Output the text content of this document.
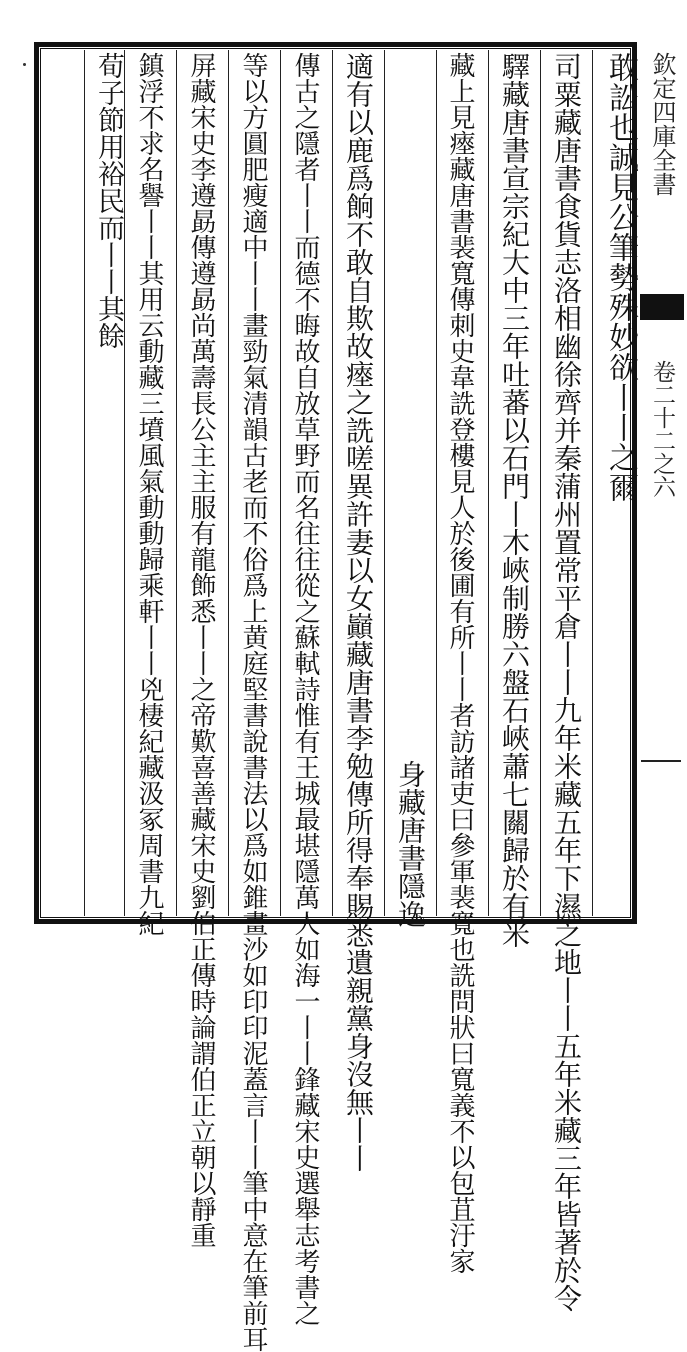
欽定四庫全書
卷二十二之六
敢訟也誠見公筆勢殊妙欲丨丨之爾
司粟藏唐書食貨志洛相幽徐齊并秦蒲州置常平倉丨丨九年米藏五年下濕之地丨丨五年米藏三年皆著於令
驛藏唐書宣宗紀大中三年吐蕃以石門丨木峽制勝六盤石峽蕭七關歸於有米
藏上見瘞藏唐書裴寬傳刺史韋詵登樓見人於後圃有所丨丨者訪諸吏曰參軍裴寬也詵問狀曰寬義不以包苴汙家
身藏唐書隱逸
適有以鹿爲餉不敢自欺故瘞之詵嗟異許妻以女巓藏唐書李勉傳所得奉賜悉遺親黨身沒無丨丨
傳古之隱者丨丨而德不晦故自放草野而名往往從之蘇軾詩惟有王城最堪隱萬人如海一丨丨鋒藏宋史選舉志考書之
等以方圓肥瘦適中丨丨畫勁氣清韻古老而不俗爲上黄庭堅書說書法以爲如錐畫沙如印印泥蓋言丨丨筆中意在筆前耳
屏藏宋史李遵勗傳遵勗尚萬壽長公主主服有龍飾悉丨丨之帝歎喜善藏宋史劉伯正傳時論謂伯正立朝以靜重
鎮浮不求名譽丨丨其用云動藏三墳風氣動動歸乘軒丨丨兇棲紀藏汲冢周書九紀
荀子節用裕民而丨丨其餘
